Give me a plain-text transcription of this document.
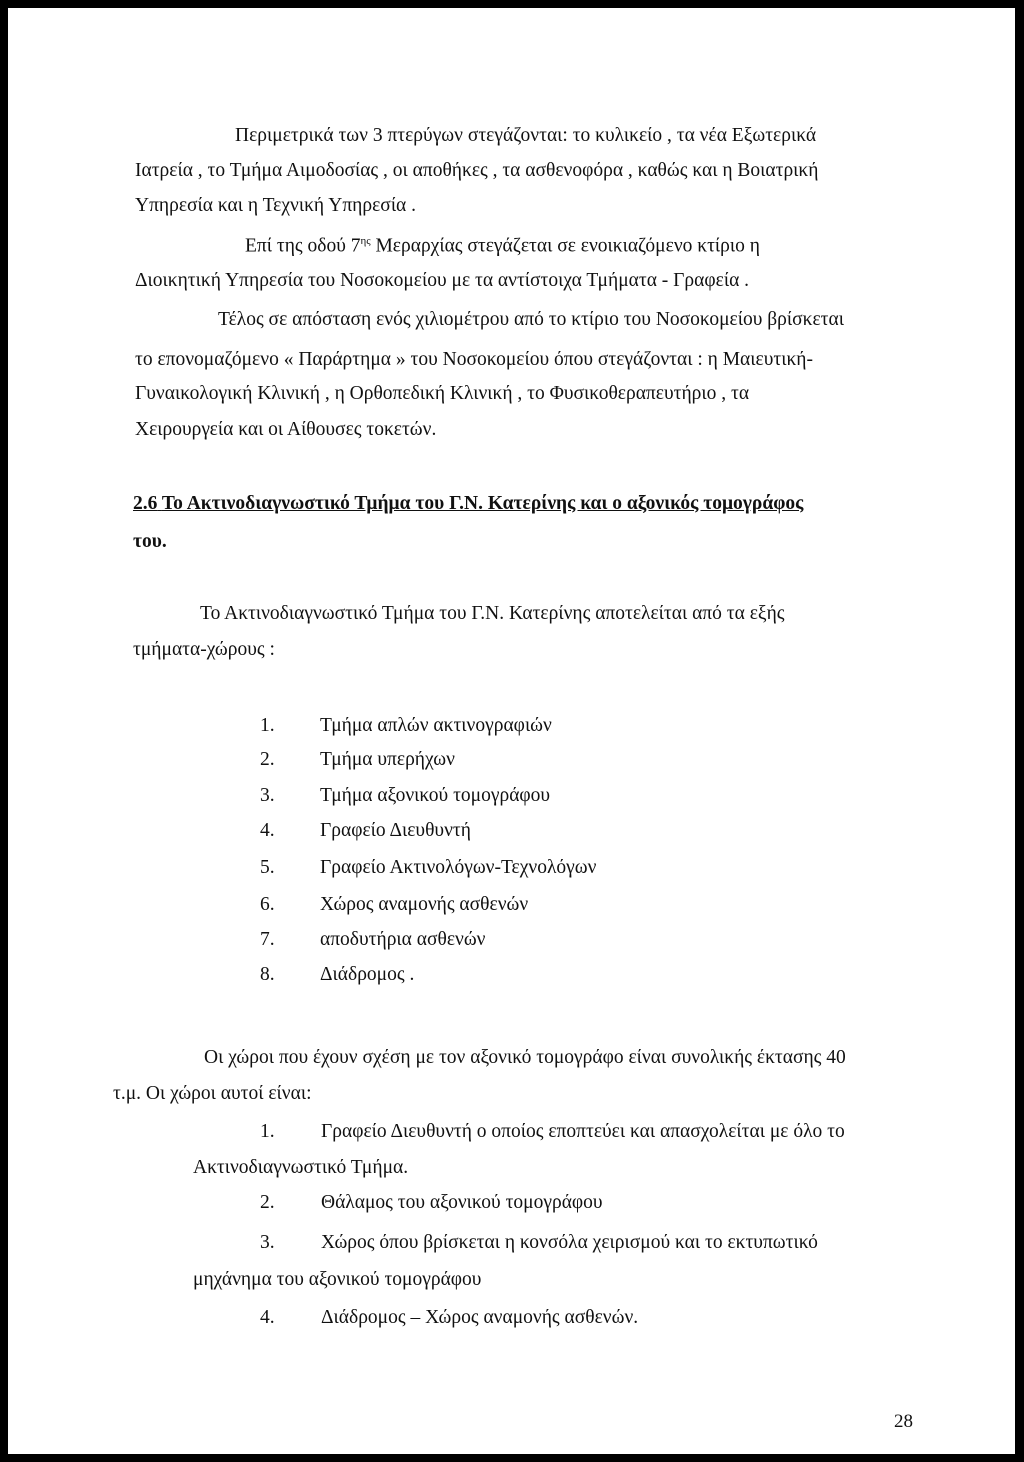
Περιμετρικά των 3 πτερύγων στεγάζονται: το κυλικείο , τα νέα Εξωτερικά
Ιατρεία , το Τμήμα Αιμοδοσίας , οι αποθήκες , τα ασθενοφόρα , καθώς και η Βοιατρική
Υπηρεσία και η Τεχνική Υπηρεσία .
Επί της οδού $7^{\eta\varsigma}$ Μεραρχίας στεγάζεται σε ενοικιαζόμενο κτίριο η
Διοικητική Υπηρεσία του Νοσοκομείου με τα αντίστοιχα Τμήματα - Γραφεία .
Τέλος σε απόσταση ενός χιλιομέτρου από το κτίριο του Νοσοκομείου βρίσκεται
το επονομαζόμενο « Παράρτημα » του Νοσοκομείου όπου στεγάζονται : η Μαιευτική-
Γυναικολογική Κλινική , η Ορθοπεδική Κλινική , το Φυσικοθεραπευτήριο , τα
Χειρουργεία και οι Αίθουσες τοκετών.
2.6 Το Ακτινοδιαγνωστικό Τμήμα του Γ.Ν. Κατερίνης και ο αξονικός τομογράφος
του.
Το Ακτινοδιαγνωστικό Τμήμα του Γ.Ν. Κατερίνης αποτελείται από τα εξής
τμήματα-χώρους :
1. Τμήμα απλών ακτινογραφιών
2. Τμήμα υπερήχων
3. Τμήμα αξονικού τομογράφου
4. Γραφείο Διευθυντή
5. Γραφείο Ακτινολόγων-Τεχνολόγων
6. Χώρος αναμονής ασθενών
7. αποδυτήρια ασθενών
8. Διάδρομος .
Οι χώροι που έχουν σχέση με τον αξονικό τομογράφο είναι συνολικής έκτασης 40
τ.μ. Οι χώροι αυτοί είναι:
1. Γραφείο Διευθυντή ο οποίος εποπτεύει και απασχολείται με όλο το
Ακτινοδιαγνωστικό Τμήμα.
2. Θάλαμος του αξονικού τομογράφου
3. Χώρος όπου βρίσκεται η κονσόλα χειρισμού και το εκτυπωτικό
μηχάνημα του αξονικού τομογράφου
4. Διάδρομος – Χώρος αναμονής ασθενών.
28
